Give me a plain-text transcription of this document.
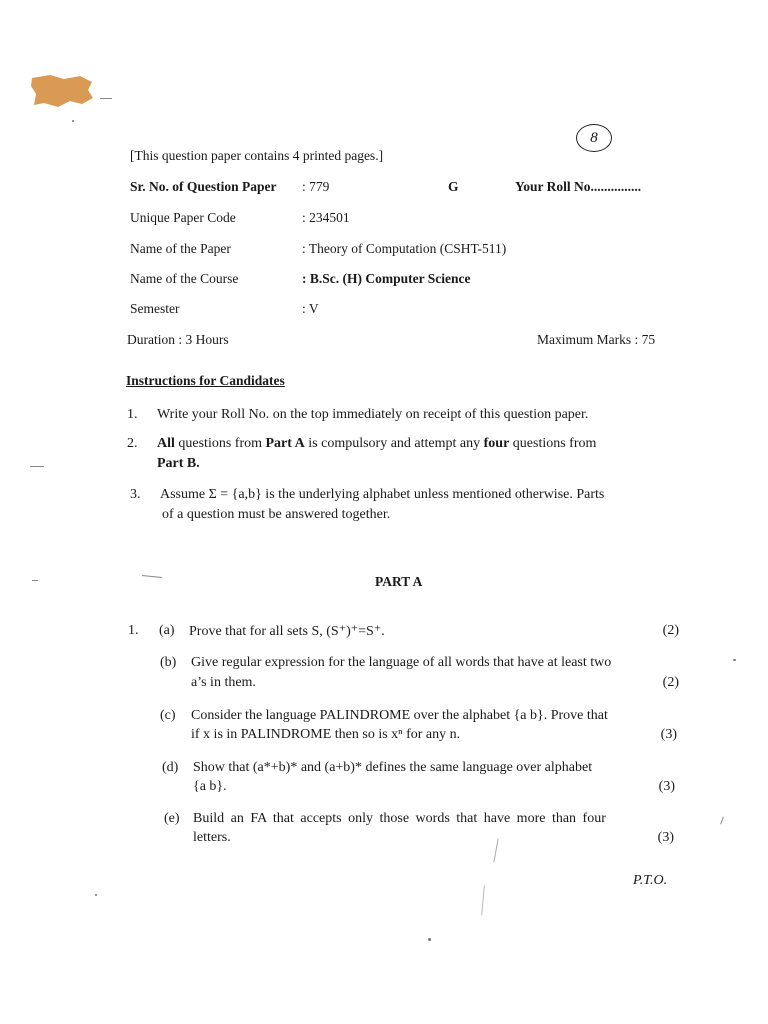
8
[This question paper contains 4 printed pages.]
Sr. No. of Question Paper : 779	G	Your Roll No...............
Unique Paper Code	: 234501
Name of the Paper	: Theory of Computation (CSHT-511)
Name of the Course	: B.Sc. (H) Computer Science
Semester	: V
Duration : 3 Hours	Maximum Marks : 75
Instructions for Candidates
1. Write your Roll No. on the top immediately on receipt of this question paper.
2. All questions from Part A is compulsory and attempt any four questions from
Part B.
3. Assume Σ = {a,b} is the underlying alphabet unless mentioned otherwise. Parts
of a question must be answered together.
PART A
1. (a) Prove that for all sets S, (S⁺)⁺=S⁺.	(2)
(b) Give regular expression for the language of all words that have at least two
a’s in them.	(2)
(c) Consider the language PALINDROME over the alphabet {a b}. Prove that
if x is in PALINDROME then so is xⁿ for any n.	(3)
(d) Show that (a*+b)* and (a+b)* defines the same language over alphabet
{a b}.	(3)
(e) Build an FA that accepts only those words that have more than four
letters.	(3)
P.T.O.
